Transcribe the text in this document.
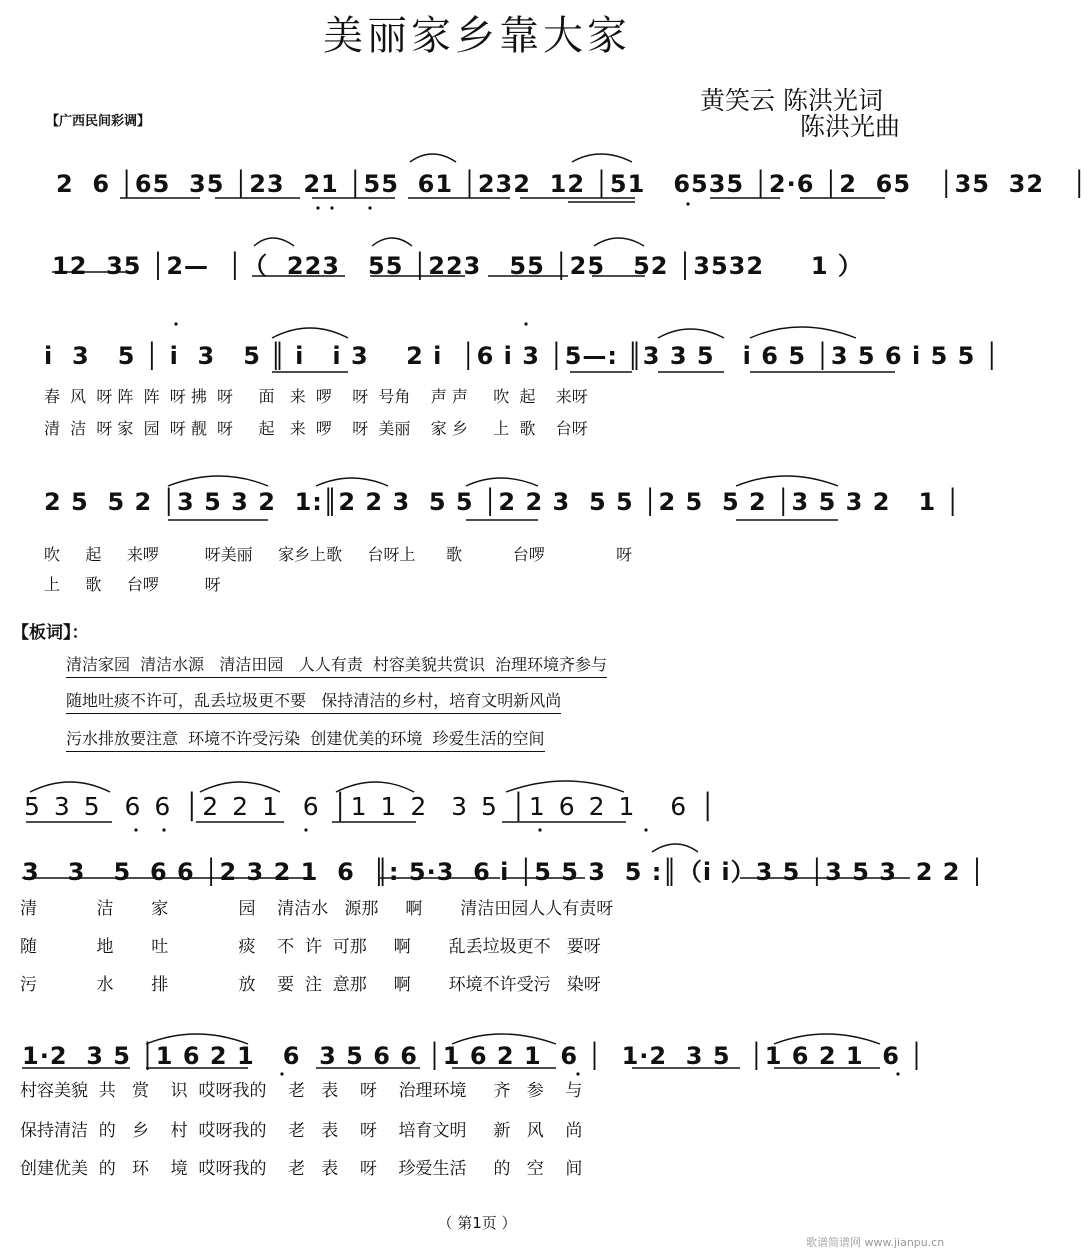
美丽家乡靠大家
黄笑云 陈洪光词
陈洪光曲
【广西民间彩调】
2  6 │65  35 │23  21 │55  61 │232  12 │51   6535 │2·6 │2  65   │35  32   │
12  35 │2—  │（  223   55 │223   55 │25   52 │3532     1 ）
i  3   5 │ i  3   5 ║ i   i 3    2 i  │6 i 3 │5—: ║3 3 5   i 6 5 │3 5 6 i 5 5 │
春  风  呀 阵  阵  呀 拂  呀     面   来  啰    呀  号角    声 声     吹  起    来呀
清  洁  呀 家  园  呀 靓  呀     起   来  啰    呀  美丽    家 乡     上  歌    台呀
2 5  5 2 │3 5 3 2  1:║2 2 3  5 5 │2 2 3  5 5 │2 5  5 2 │3 5 3 2   1 │
吹     起     来啰         呀美丽     家乡上歌     台呀上      歌          台啰              呀
上     歌     台啰         呀
【板词】：
清洁家园  清洁水源   清洁田园   人人有责  村容美貌共赏识  治理环境齐参与
随地吐痰不许可，乱丢垃圾更不要   保持清洁的乡村，培育文明新风尚
污水排放要注意  环境不许受污染  创建优美的环境  珍爱生活的空间
5 3 5  6 6 │2 2 1  6 │1 1 2  3 5 │1 6 2 1   6 │
3   3   5  6 6 │2 3 2 1  6  ║: 5·3  6 i │5 5 3  5 :║（i i）3 5 │3 5 3  2 2 │
清           洁       家             园    清洁水   源那     啊       清洁田园人人有责呀
随           地       吐             痰    不  许  可那     啊       乱丢垃圾更不   要呀
污           水       排             放    要  注  意那     啊       环境不许受污   染呀
1·2  3 5 │1 6 2 1   6  3 5 6 6 │1 6 2 1  6 │  1·2  3 5  │1 6 2 1  6 │
村容美貌  共   赏    识  哎呀我的    老   表    呀    治理环境     齐   参    与
保持清洁  的   乡    村  哎呀我的    老   表    呀    培育文明     新   风    尚
创建优美  的   环    境  哎呀我的    老   表    呀    珍爱生活     的   空    间
（ 第1页 ）
歌谱简谱网 www.jianpu.cn
